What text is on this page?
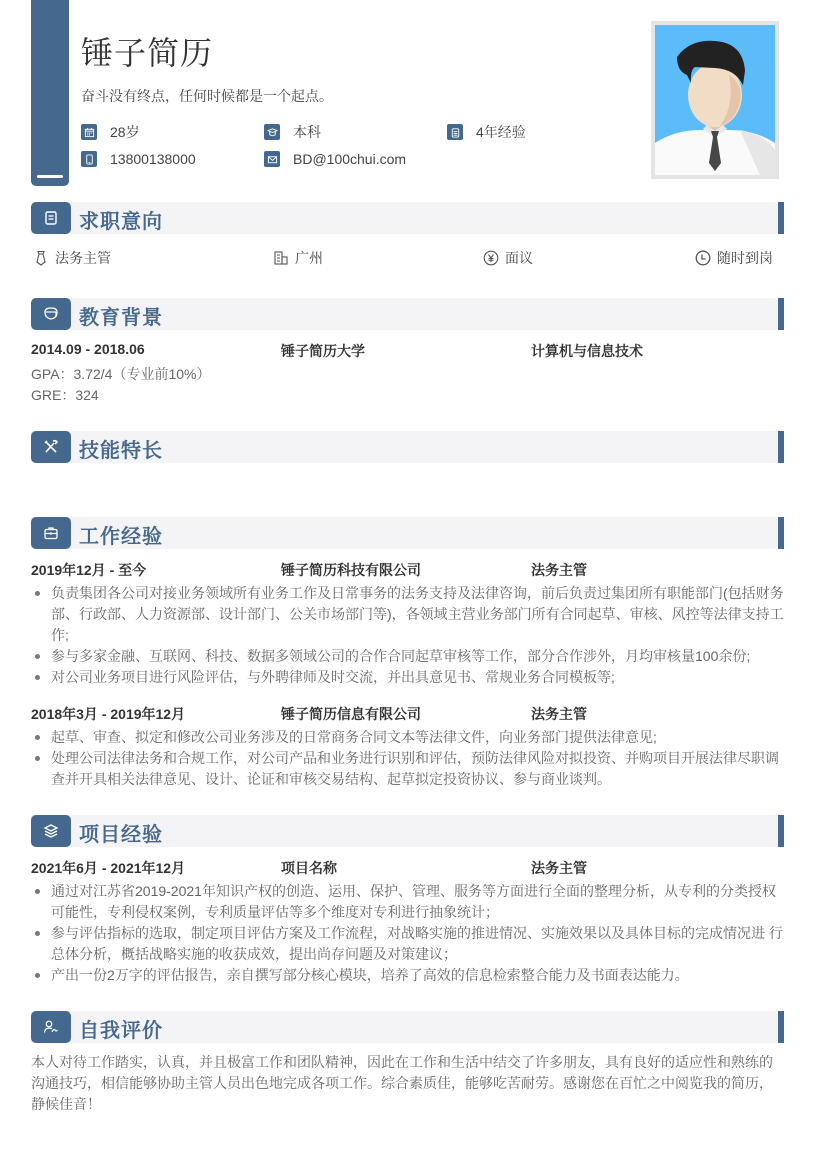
锤子简历
奋斗没有终点，任何时候都是一个起点。
28岁	本科	4年经验
13800138000	BD@100chui.com
求职意向
法务主管	广州	面议	随时到岗
教育背景
2014.09 - 2018.06	锤子简历大学	计算机与信息技术
GPA：3.72/4（专业前10%）
GRE：324
技能特长
工作经验
2019年12月 - 至今	锤子简历科技有限公司	法务主管
负责集团各公司对接业务领域所有业务工作及日常事务的法务支持及法律咨询，前后负责过集团所有职能部门(包括财务部、行政部、人力资源部、设计部门、公关市场部门等)，各领域主营业务部门所有合同起草、审核、风控等法律支持工作;
参与多家金融、互联网、科技、数据多领域公司的合作合同起草审核等工作，部分合作涉外，月均审核量100余份;
对公司业务项目进行风险评估，与外聘律师及时交流，并出具意见书、常规业务合同模板等;
2018年3月 - 2019年12月	锤子简历信息有限公司	法务主管
起草、审查、拟定和修改公司业务涉及的日常商务合同文本等法律文件，向业务部门提供法律意见;
处理公司法律法务和合规工作，对公司产品和业务进行识别和评估，预防法律风险对拟投资、并购项目开展法律尽职调查并开具相关法律意见、设计、论证和审核交易结构、起草拟定投资协议、参与商业谈判。
项目经验
2021年6月 - 2021年12月	项目名称	法务主管
通过对江苏省2019-2021年知识产权的创造、运用、保护、管理、服务等方面进行全面的整理分析，从专利的分类授权可能性，专利侵权案例，专利质量评估等多个维度对专利进行抽象统计；
参与评估指标的选取，制定项目评估方案及工作流程，对战略实施的推进情况、实施效果以及具体目标的完成情况进 行总体分析，概括战略实施的收获成效，提出尚存问题及对策建议；
产出一份2万字的评估报告，亲自撰写部分核心模块，培养了高效的信息检索整合能力及书面表达能力。
自我评价
本人对待工作踏实，认真，并且极富工作和团队精神，因此在工作和生活中结交了许多朋友，具有良好的适应性和熟练的沟通技巧，相信能够协助主管人员出色地完成各项工作。综合素质佳，能够吃苦耐劳。感谢您在百忙之中阅览我的简历，静候佳音！
